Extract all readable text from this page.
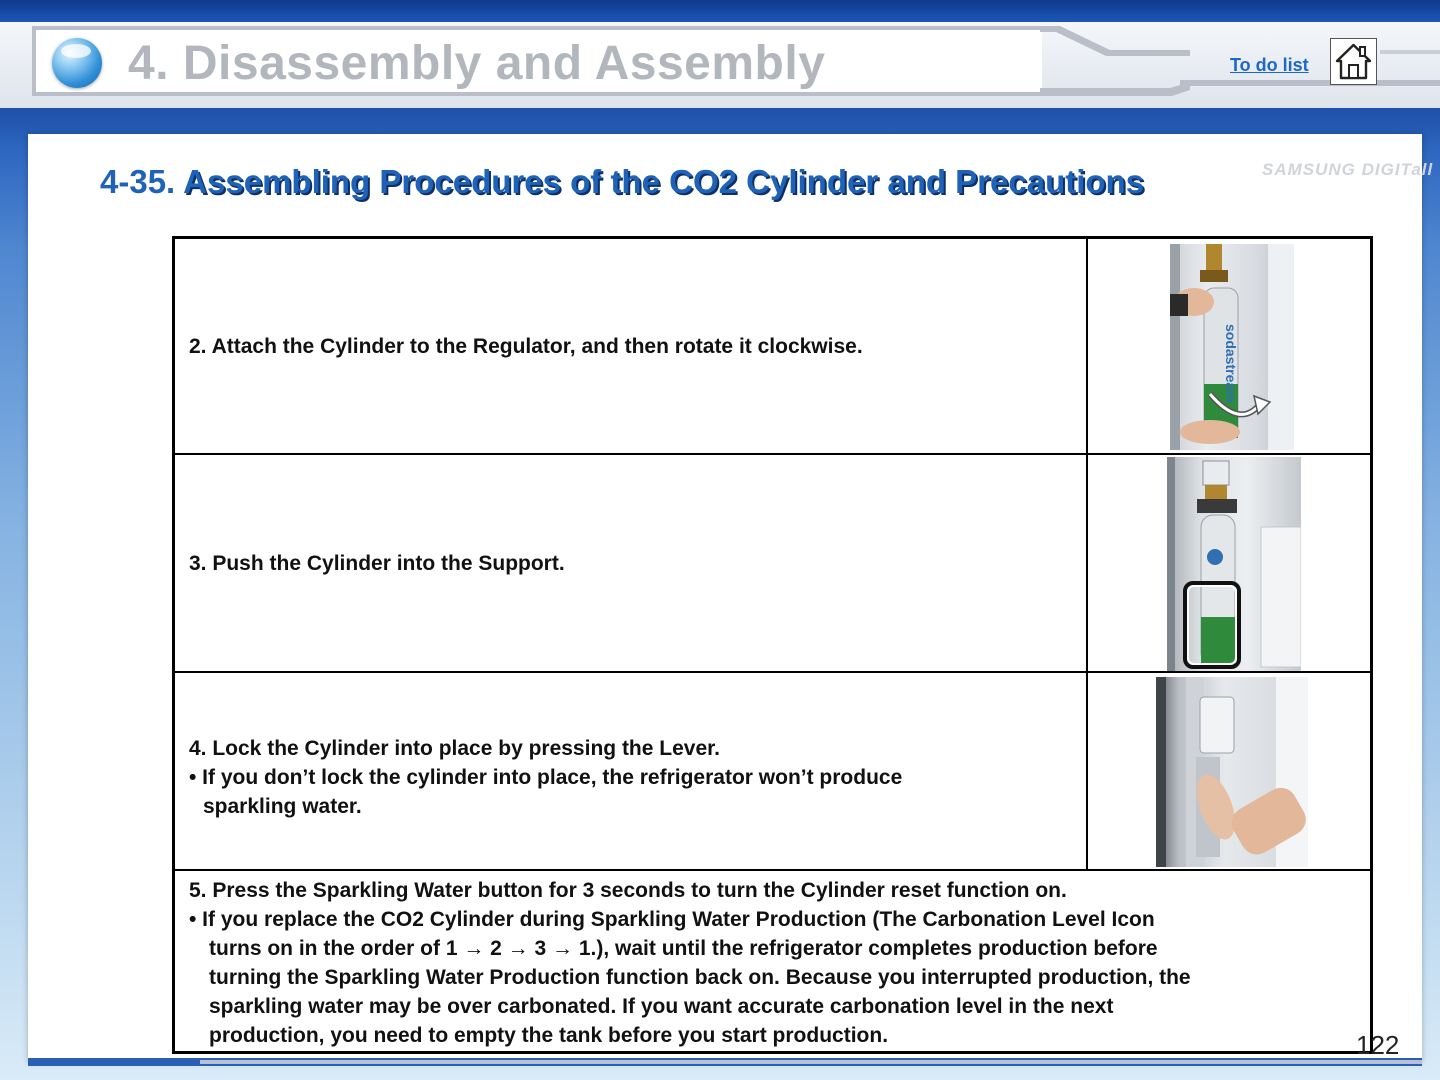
4. Disassembly and Assembly	To do list
SAMSUNG DIGITall
4-35. Assembling Procedures of the CO2 Cylinder and Precautions
2. Attach the Cylinder to the Regulator, and then rotate it clockwise.	sodastream
3. Push the Cylinder into the Support.
4. Lock the Cylinder into place by pressing the Lever.
• If you don’t lock the cylinder into place, the refrigerator won’t produce
sparkling water.
5. Press the Sparkling Water button for 3 seconds to turn the Cylinder reset function on.
• If you replace the CO2 Cylinder during Sparkling Water Production (The Carbonation Level Icon
turns on in the order of 1 → 2 → 3 → 1.), wait until the refrigerator completes production before
turning the Sparkling Water Production function back on. Because you interrupted production, the
sparkling water may be over carbonated. If you want accurate carbonation level in the next
production, you need to empty the tank before you start production.	122
